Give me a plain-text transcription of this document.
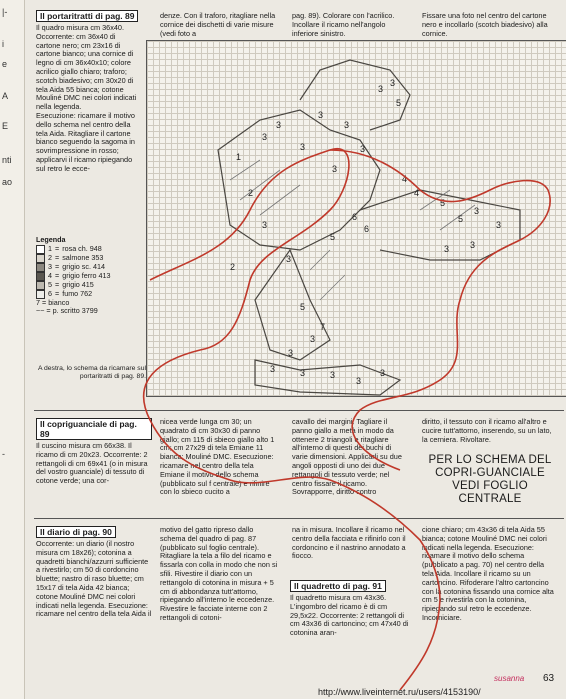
|-
i
e
A
E
nti
ao
-
Il portaritratti di pag. 89

Il quadro misura cm 36x40.

Occorrente: cm 36x40 di cartone nero; cm 23x16 di cartone bianco; una cornice di legno di cm 36x40x10; colore acrilico giallo chiaro; traforo; scotch biadesivo; cm 30x20 di tela Aida 55 bianca; cotone Mouliné DMC nei colori indicati nella legenda.

Esecuzione: ricamare il motivo dello schema nel centro della tela Aida. Ritagliare il cartone bianco seguendo la sagoma in sovrimpressione in rosso; applicarvi il ricamo ripiegando sul retro le ecce-

denze. Con il traforo, ritagliare nella cornice dei dischetti di varie misure (vedi foto a
pag. 89). Colorare con l'acrilico. Incollare il ricamo nell'angolo inferiore sinistro.
Fissare una foto nel centro del cartone nero e incollarlo (scotch biadesivo) alla cornice.
Legenda
1 = rosa ch. 948
2 = salmone 353
3 = grigio sc. 414
4 = grigio ferro 413
5 = grigio 415
6 = fumo 762
7 = bianco
~~ = p. scritto 3799
A destra, lo schema da ricamare sul portaritratti di pag. 89.
Il copriguanciale di pag. 89

Il cuscino misura cm 66x38. Il ricamo di cm 20x23. Occorrente: 2 rettangoli di cm 69x41 (o in misura del vostro guanciale) di tessuto di cotone verde; una cor-

nicea verde lunga cm 30; un quadrato di cm 30x30 di panno giallo; cm 115 di sbieco giallo alto 1 cm; cm 27x29 di tela Emiane 11 bianca; Mouliné DMC. Esecuzione: ricamare nel centro della tela Emiane il motivo dello schema (pubblicato sul f centrale) e rifinire con lo sbieco cucito a
cavallo dei margini. Tagliare il panno giallo a metà in modo da ottenere 2 triangoli e ritagliare all'interno di questi dei buchi di varie dimensioni. Applicarli su due angoli opposti di uno dei due rettangoli di tessuto verde; nel centro fissare il ricamo. Sovrapporre, diritto contro
diritto, il tessuto con il ricamo all'altro e cucire tutt'attorno, inserendo, su un lato, la cerniera. Rivoltare.
PER LO SCHEMA DEL COPRI-GUANCIALE VEDI FOGLIO CENTRALE
Il diario di pag. 90

Occorrente: un diario (il nostro misura cm 18x26); cotonina a quadretti bianchi/azzurri sufficiente a rivestirlo; cm 50 di cordoncino bluette; nastro di raso bluette; cm 15x17 di tela Aida 42 bianca; cotone Mouliné DMC nei colori indicati nella legenda. Esecuzione: ricamare nel centro della tela Aida il

motivo del gatto ripreso dallo schema del quadro di pag. 87 (pubblicato sul foglio centrale). Ritagliare la tela a filo del ricamo e fissarla con colla in modo che non si sfili. Rivestire il diario con un rettangolo di cotonina in misura + 5 cm di abbondanza tutt'attorno, ripiegando all'interno le eccedenze. Rivestire le facciate interne con 2 rettangoli di cotoni-
na in misura. Incollare il ricamo nel centro della facciata e rifinirlo con il cordoncino e il nastrino annodato a fiocco.
Il quadretto di pag. 91

Il quadretto misura cm 43x36. L'ingombro del ricamo è di cm 29,5x22. Occorrente: 2 rettangoli di cm 43x36 di cartoncino; cm 47x40 di cotonina aran-

cione chiaro; cm 43x36 di tela Aida 55 bianca; cotone Mouliné DMC nei colori indicati nella legenda. Esecuzione: ricamare il motivo dello schema (pubblicato a pag. 70) nel centro della tela Aida. Incollare il ricamo su un cartoncino. Rifoderare l'altro cartoncino con la cotonina fissando una cornice alta cm 5 e rivestirla con la cotonina, ripiegando sul retro le eccedenze. Incorniciare.
1
3
3
3
3
3
3
3
2
3
5
6
6
5
7
5
3
2
3
3
4
4
5
5
3
3
3
3
3	3
3
3
3
3
3
http://www.liveinternet.ru/users/4153190/
susanna 63
